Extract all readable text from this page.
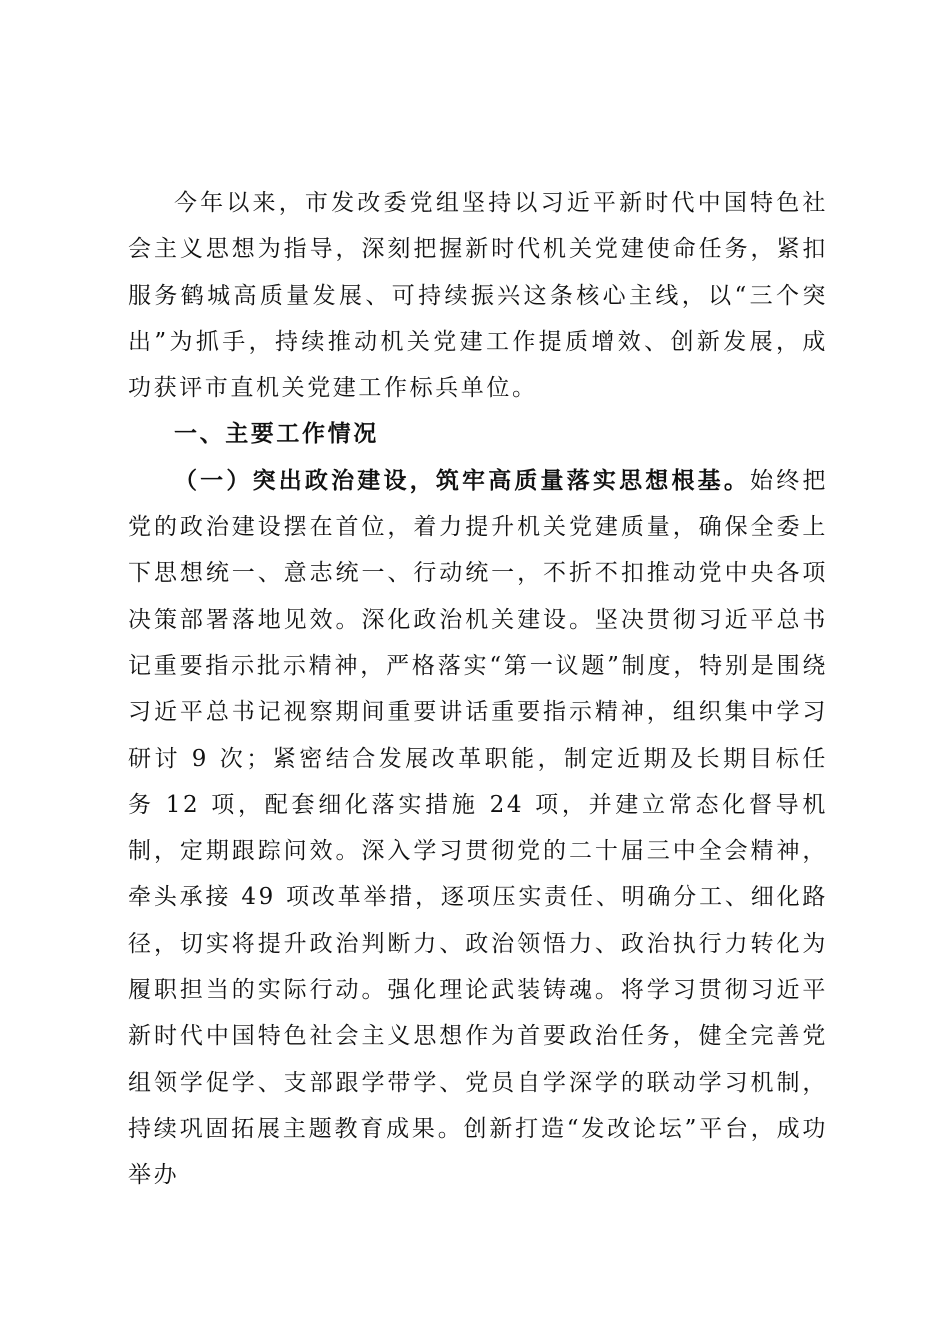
今年以来，市发改委党组坚持以习近平新时代中国特色社会主义思想为指导，深刻把握新时代机关党建使命任务，紧扣服务鹤城高质量发展、可持续振兴这条核心主线，以“三个突出”为抓手，持续推动机关党建工作提质增效、创新发展，成功获评市直机关党建工作标兵单位。

一、主要工作情况

（一）突出政治建设，筑牢高质量落实思想根基。始终把党的政治建设摆在首位，着力提升机关党建质量，确保全委上下思想统一、意志统一、行动统一，不折不扣推动党中央各项决策部署落地见效。深化政治机关建设。坚决贯彻习近平总书记重要指示批示精神，严格落实“第一议题”制度，特别是围绕习近平总书记视察期间重要讲话重要指示精神，组织集中学习研讨 9 次；紧密结合发展改革职能，制定近期及长期目标任务 12 项，配套细化落实措施 24 项，并建立常态化督导机制，定期跟踪问效。深入学习贯彻党的二十届三中全会精神，牵头承接 49 项改革举措，逐项压实责任、明确分工、细化路径，切实将提升政治判断力、政治领悟力、政治执行力转化为履职担当的实际行动。强化理论武装铸魂。将学习贯彻习近平新时代中国特色社会主义思想作为首要政治任务，健全完善党组领学促学、支部跟学带学、党员自学深学的联动学习机制，持续巩固拓展主题教育成果。创新打造“发改论坛”平台，成功举办
